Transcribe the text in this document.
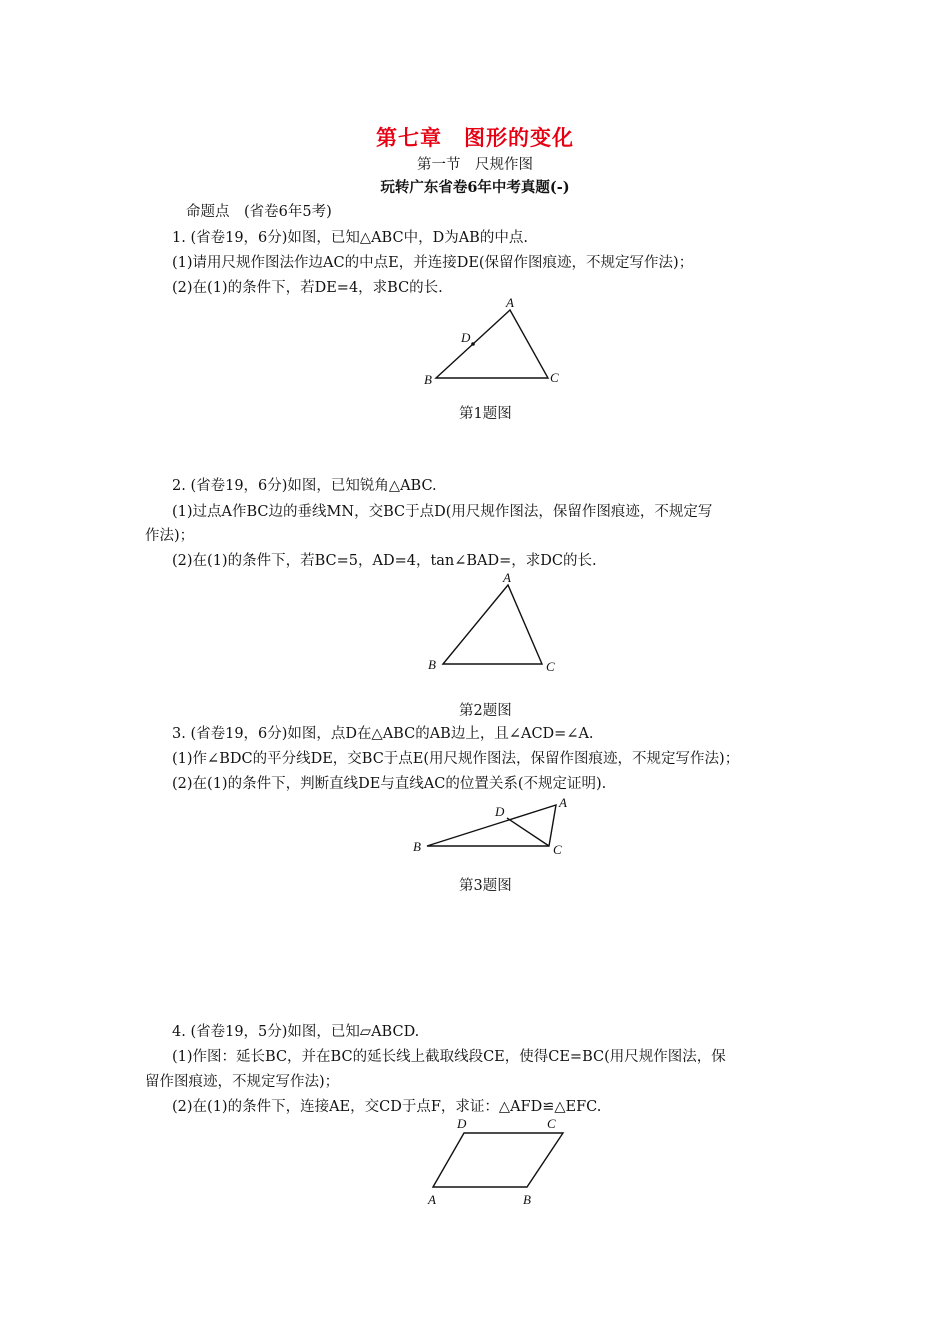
第七章　图形的变化
第一节　尺规作图
玩转广东省卷6年中考真题(-)
命题点　(省卷6年5考)
1. (省卷19，6分)如图，已知△ABC中，D为AB的中点.
(1)请用尺规作图法作边AC的中点E，并连接DE(保留作图痕迹，不规定写作法)；
(2)在(1)的条件下，若DE=4，求BC的长.
A
B	C
D
第1题图
2. (省卷19，6分)如图，已知锐角△ABC.
(1)过点A作BC边的垂线MN，交BC于点D(用尺规作图法，保留作图痕迹，不规定写
作法)；
(2)在(1)的条件下，若BC=5，AD=4，tan∠BAD=，求DC的长.
A
B	C
第2题图
3. (省卷19，6分)如图，点D在△ABC的AB边上，且∠ACD=∠A.
(1)作∠BDC的平分线DE，交BC于点E(用尺规作图法，保留作图痕迹，不规定写作法)；
(2)在(1)的条件下，判断直线DE与直线AC的位置关系(不规定证明).
A
B	C
D
第3题图
4. (省卷19，5分)如图，已知▱ABCD.
(1)作图：延长BC，并在BC的延长线上截取线段CE，使得CE=BC(用尺规作图法，保
留作图痕迹，不规定写作法)；
(2)在(1)的条件下，连接AE，交CD于点F，求证：△AFD≌△EFC.
A	B
C
D
